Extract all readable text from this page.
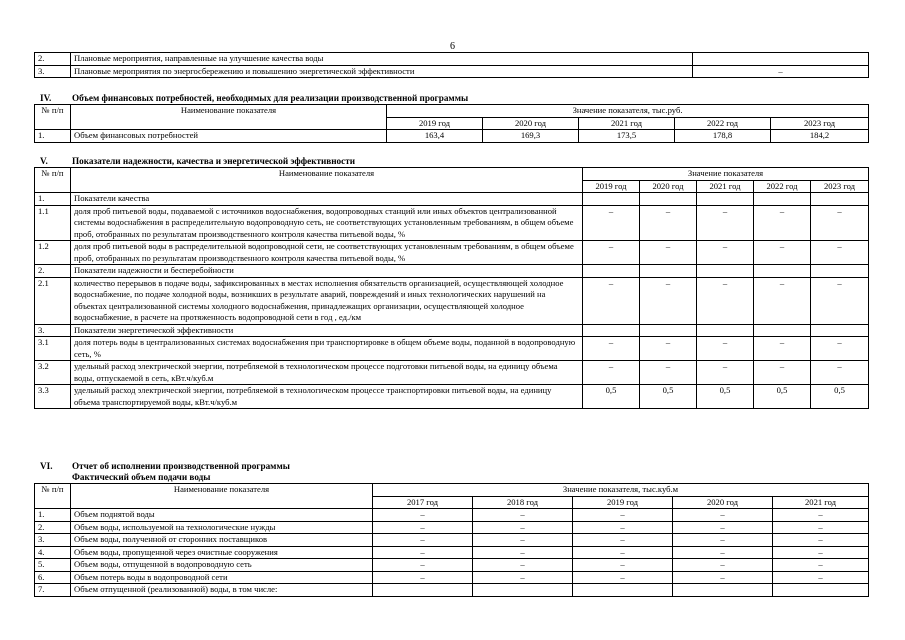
6
2.	Плановые мероприятия, направленные на улучшение качества воды	
3.	Плановые мероприятия по энергосбережению и повышению энергетической эффективности	–
IV. Объем финансовых потребностей, необходимых для реализации производственной программы
№ п/п	Наименование показателя	Значение показателя, тыс.руб.				
		2019 год	2020 год	2021 год	2022 год	2023 год
1.	Объем финансовых потребностей	163,4	169,3	173,5	178,8	184,2
V.	Показатели надежности, качества и энергетической эффективности
№ п/п	Наименование показателя	Значение показателя				
		2019 год	2020 год	2021 год	2022 год	2023 год
1.	Показатели качества					
1.1	доля проб питьевой воды, подаваемой с источников водоснабжения, водопроводных станций или иных объектов централизованной системы водоснабжения в распределительную водопроводную сеть, не соответствующих установленным требованиям, в общем объеме проб, отобранных по результатам производственного контроля качества питьевой воды, %	–	–	–	–	–
1.2	доля проб питьевой воды в распределительной водопроводной сети, не соответствующих установленным требованиям, в общем объеме проб, отобранных по результатам производственного контроля качества питьевой воды, %	–	–	–	–	–
2.	Показатели надежности и бесперебойности					
2.1	количество перерывов в подаче воды, зафиксированных в местах исполнения обязательств организацией, осуществляющей холодное водоснабжение, по подаче холодной воды, возникших в результате аварий, повреждений и иных технологических нарушений на объектах централизованной системы холодного водоснабжения, принадлежащих организации, осуществляющей холодное водоснабжение, в расчете на протяженность водопроводной сети в год , ед./км	–	–	–	–	–
3.	Показатели энергетической эффективности					
3.1	доля потерь воды в централизованных системах водоснабжения при транспортировке в общем объеме воды, поданной в водопроводную сеть, %	–	–	–	–	–
3.2	удельный расход электрической энергии, потребляемой в технологическом процессе подготовки питьевой воды, на единицу объема воды, отпускаемой в сеть, кВт.ч/куб.м	–	–	–	–	–
3.3	удельный расход электрической энергии, потребляемой в технологическом процессе транспортировки питьевой воды, на единицу объема транспортируемой воды, кВт.ч/куб.м	0,5	0,5	0,5	0,5	0,5
VI. Отчет об исполнении производственной программы
Фактический объем подачи воды
№ п/п	Наименование показателя	Значение показателя, тыс.куб.м				
		2017 год	2018 год	2019 год	2020 год	2021 год
1.	Объем поднятой воды	–	–	–	–	–
2.	Объем воды, используемой на технологические нужды	–	–	–	–	–
3.	Объем воды, полученной от сторонних поставщиков	–	–	–	–	–
4.	Объем воды, пропущенной через очистные сооружения	–	–	–	–	–
5.	Объем воды, отпущенной в водопроводную сеть	–	–	–	–	–
6.	Объем потерь воды в водопроводной сети	–	–	–	–	–
7.	Объем отпущенной (реализованной) воды, в том числе:					
